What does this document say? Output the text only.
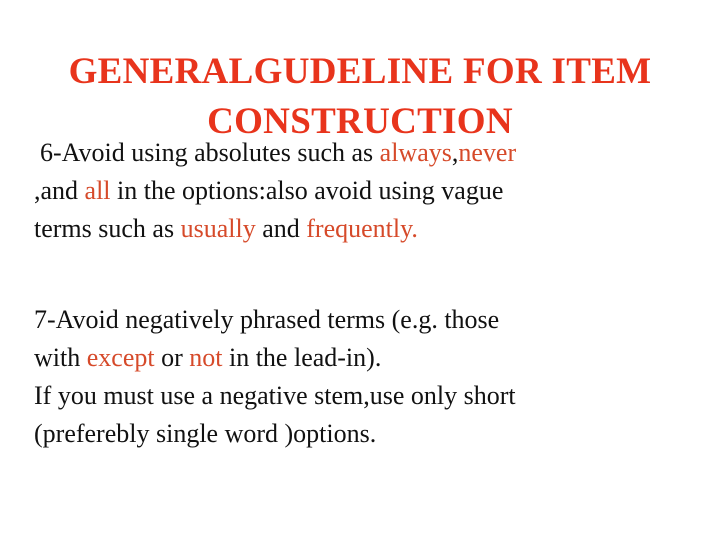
GENERALGUDELINE FOR ITEM
CONSTRUCTION

6-Avoid using absolutes such as always,never
,and all in the options:also avoid using vague
terms such as usually and frequently.

7-Avoid negatively phrased terms (e.g. those
with except or not in the lead-in).

If you must use a negative stem,use only short
(preferebly single word )options.
